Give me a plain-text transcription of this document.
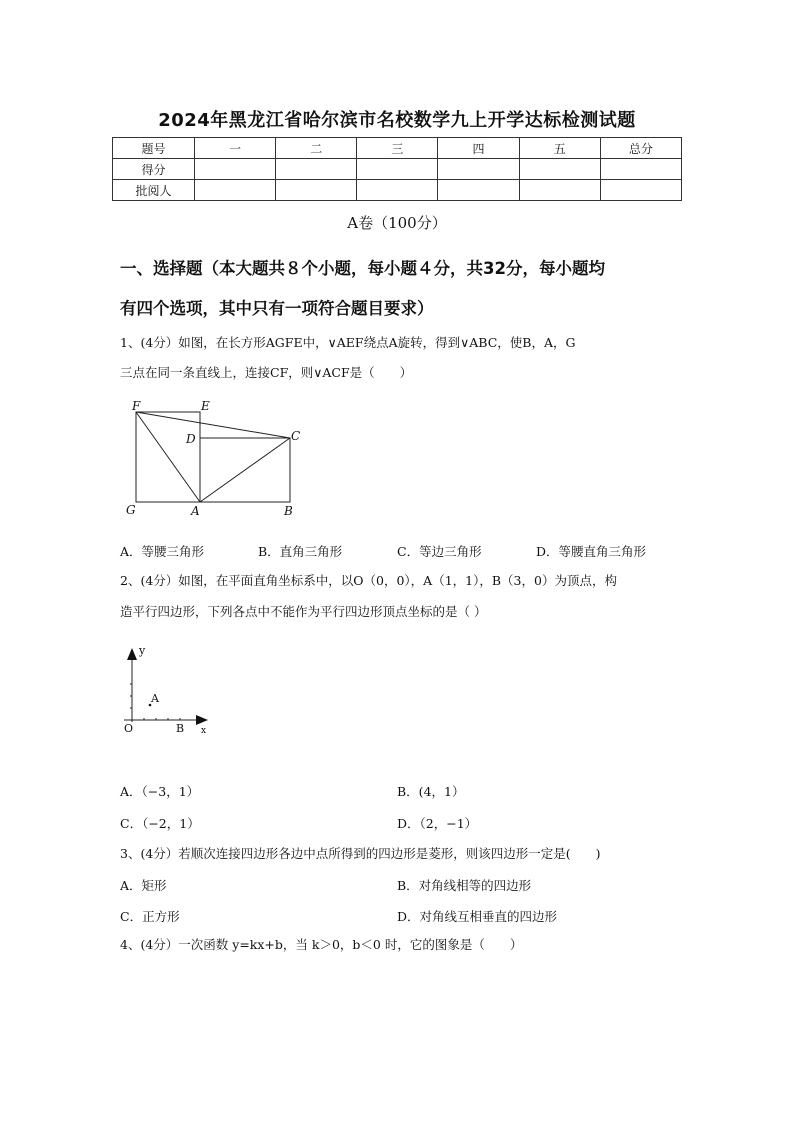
2024年黑龙江省哈尔滨市名校数学九上开学达标检测试题
题号	一	二	三	四	五	总分
得分						
批阅人						
A卷（100分）
一、选择题（本大题共８个小题，每小题４分，共32分，每小题均
有四个选项，其中只有一项符合题目要求）
1、(4分）如图，在长方形AGFE中，∨AEF绕点A旋转，得到∨ABC，使B，A，G
三点在同一条直线上，连接CF，则∨ACF是（　　）
F	E
D	C
G	A	B
A．等腰三角形	B．直角三角形	C．等边三角形	D．等腰直角三角形
2、(4分）如图，在平面直角坐标系中，以O（0，0），A（1，1），B（3，0）为顶点，构
造平行四边形，下列各点中不能作为平行四边形顶点坐标的是（ ）
y
x
O
A
B
A．（−3，1）	B．(4，1）
C．（−2，1）	D．（2，−1）
3、(4分）若顺次连接四边形各边中点所得到的四边形是菱形，则该四边形一定是(　　)
A．矩形	B．对角线相等的四边形
C．正方形	D．对角线互相垂直的四边形
4、(4分）一次函数 y=kx+b，当 k＞0，b＜0 时，它的图象是（　　）
